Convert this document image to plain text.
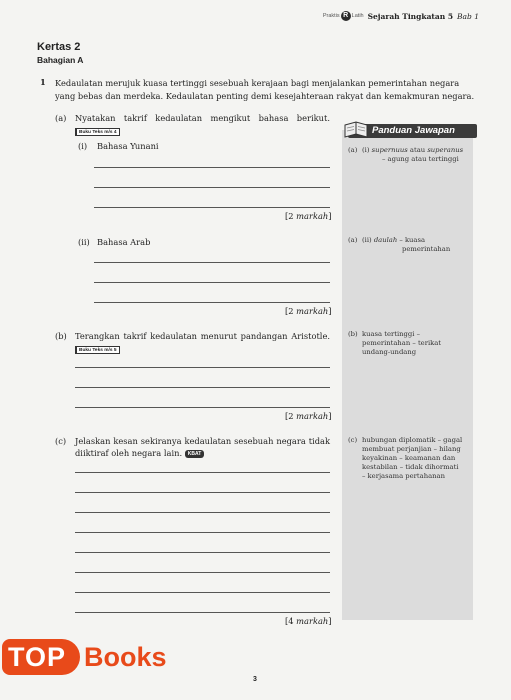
Praktis R Latih Sejarah Tingkatan 5 Bab 1
Kertas 2
Bahagian A
1 Kedaulatan merujuk kuasa tertinggi sesebuah kerajaan bagi menjalankan pemerintahan negara yang bebas dan merdeka. Kedaulatan penting demi kesejahteraan rakyat dan kemakmuran negara.
(a) Nyatakan takrif kedaulatan mengikut bahasa berikut.
Buku Teks m/s 4
(i) Bahasa Yunani
[2 markah]
(ii) Bahasa Arab
[2 markah]
(b) Terangkan takrif kedaulatan menurut pandangan Aristotle.
Buku Teks m/s 5
[2 markah]
(c) Jelaskan kesan sekiranya kedaulatan sesebuah negara tidak
diiktiraf oleh negara lain. KBAT
[4 markah]
Panduan Jawapan
(a) (i) supernuus atau superanus
– agung atau tertinggi
(a) (ii) daulah – kuasa
pemerintahan
(b) kuasa tertinggi –
pemerintahan – terikat
undang-undang
(c) hubungan diplomatik – gagal
membuat perjanjian – hilang
keyakinan – keamanan dan
kestabilan – tidak dihormati
– kerjasama pertahanan
3
TOP Books
